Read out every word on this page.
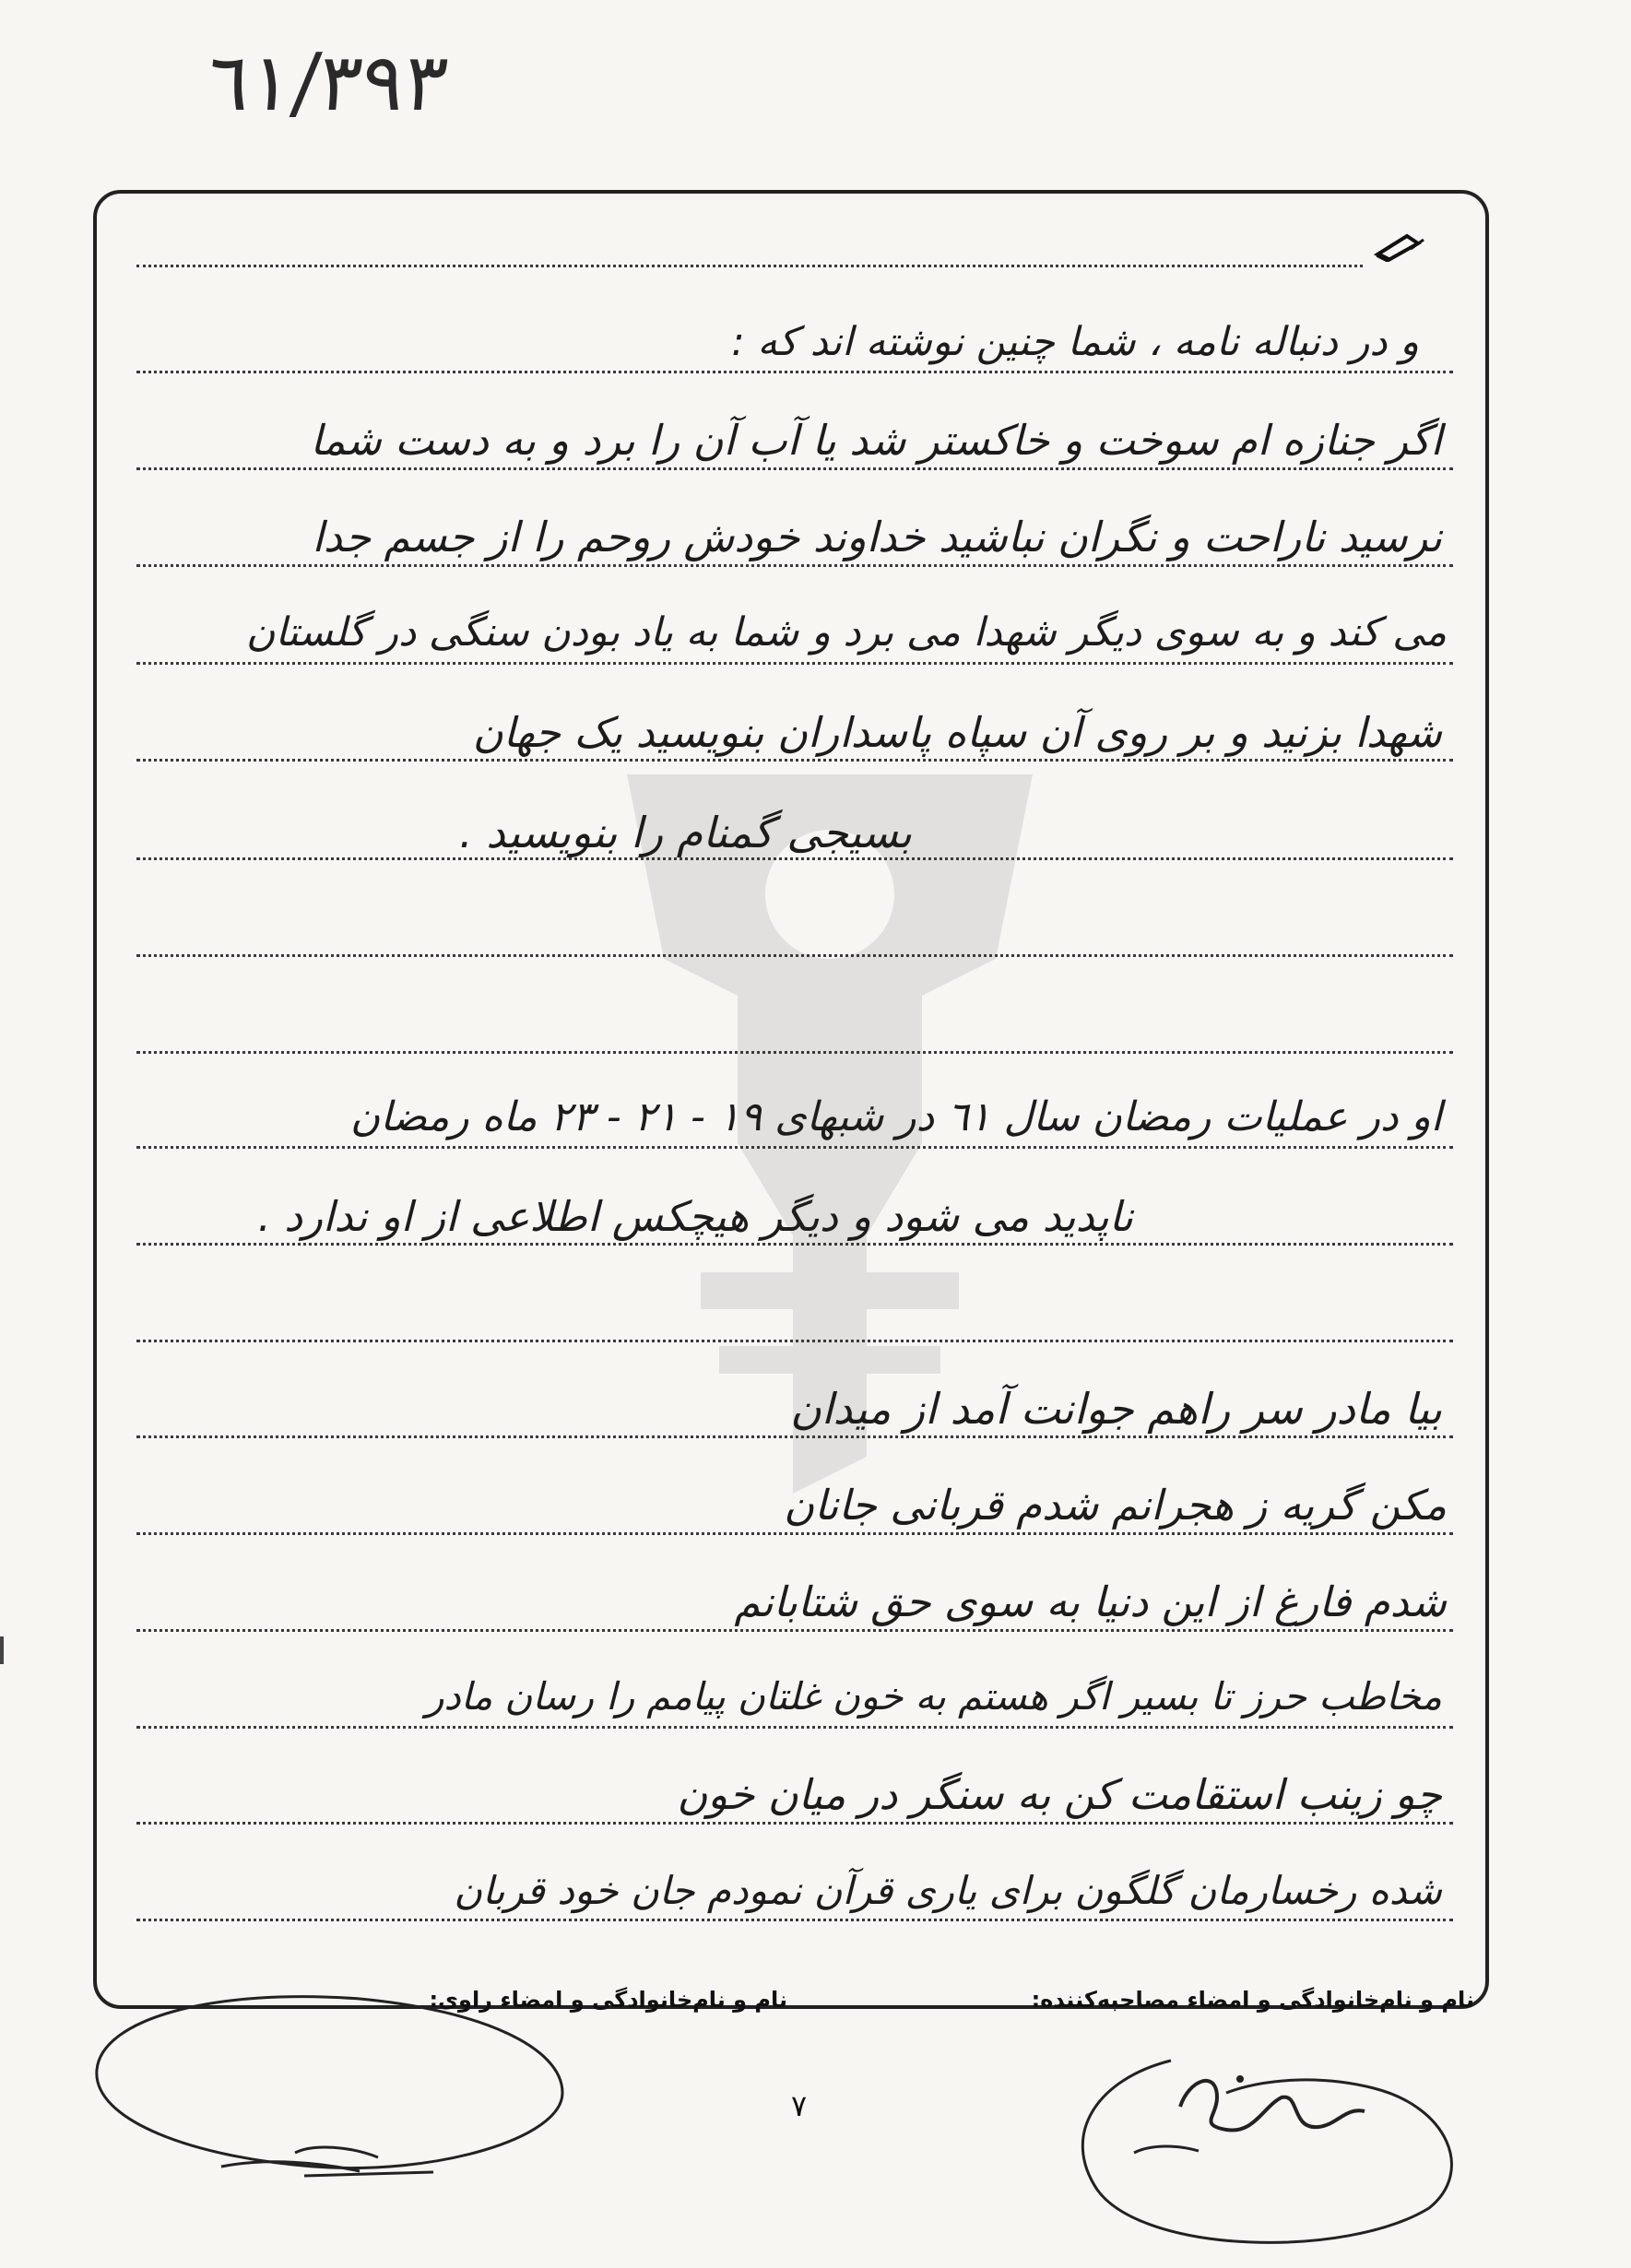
٦١/٣٩٣
و در دنباله نامه ، شما چنین نوشته اند که :
اگر جنازه ام سوخت و خاکستر شد یا آب آن را برد و به دست شما
نرسید ناراحت و نگران نباشید خداوند خودش روحم را از جسم جدا
می کند و به سوی دیگر شهدا می برد و شما به یاد بودن سنگی در گلستان
شهدا بزنید و بر روی آن سپاه پاسداران بنویسید یک جهان
بسیجی گمنام را بنویسید .
او در عملیات رمضان سال ٦١ در شبهای ١٩ - ٢١ - ٢٣ ماه رمضان
ناپدید می شود و دیگر هیچکس اطلاعی از او ندارد .
بیا مادر سر راهم جوانت آمد از میدان
مکن گریه ز هجرانم شدم قربانی جانان
شدم فارغ از این دنیا به سوی حق شتابانم
مخاطب حرز تا بسیر اگر هستم به خون غلتان پیامم را رسان مادر
چو زینب استقامت کن به سنگر در میان خون
شده رخسارمان گلگون برای یاری قرآن نمودم جان خود قربان
نام و نام‌خانوادگی و امضاء مصاحبه‌کننده:
نام و نام‌خانوادگی و امضاء راوی:
٧
